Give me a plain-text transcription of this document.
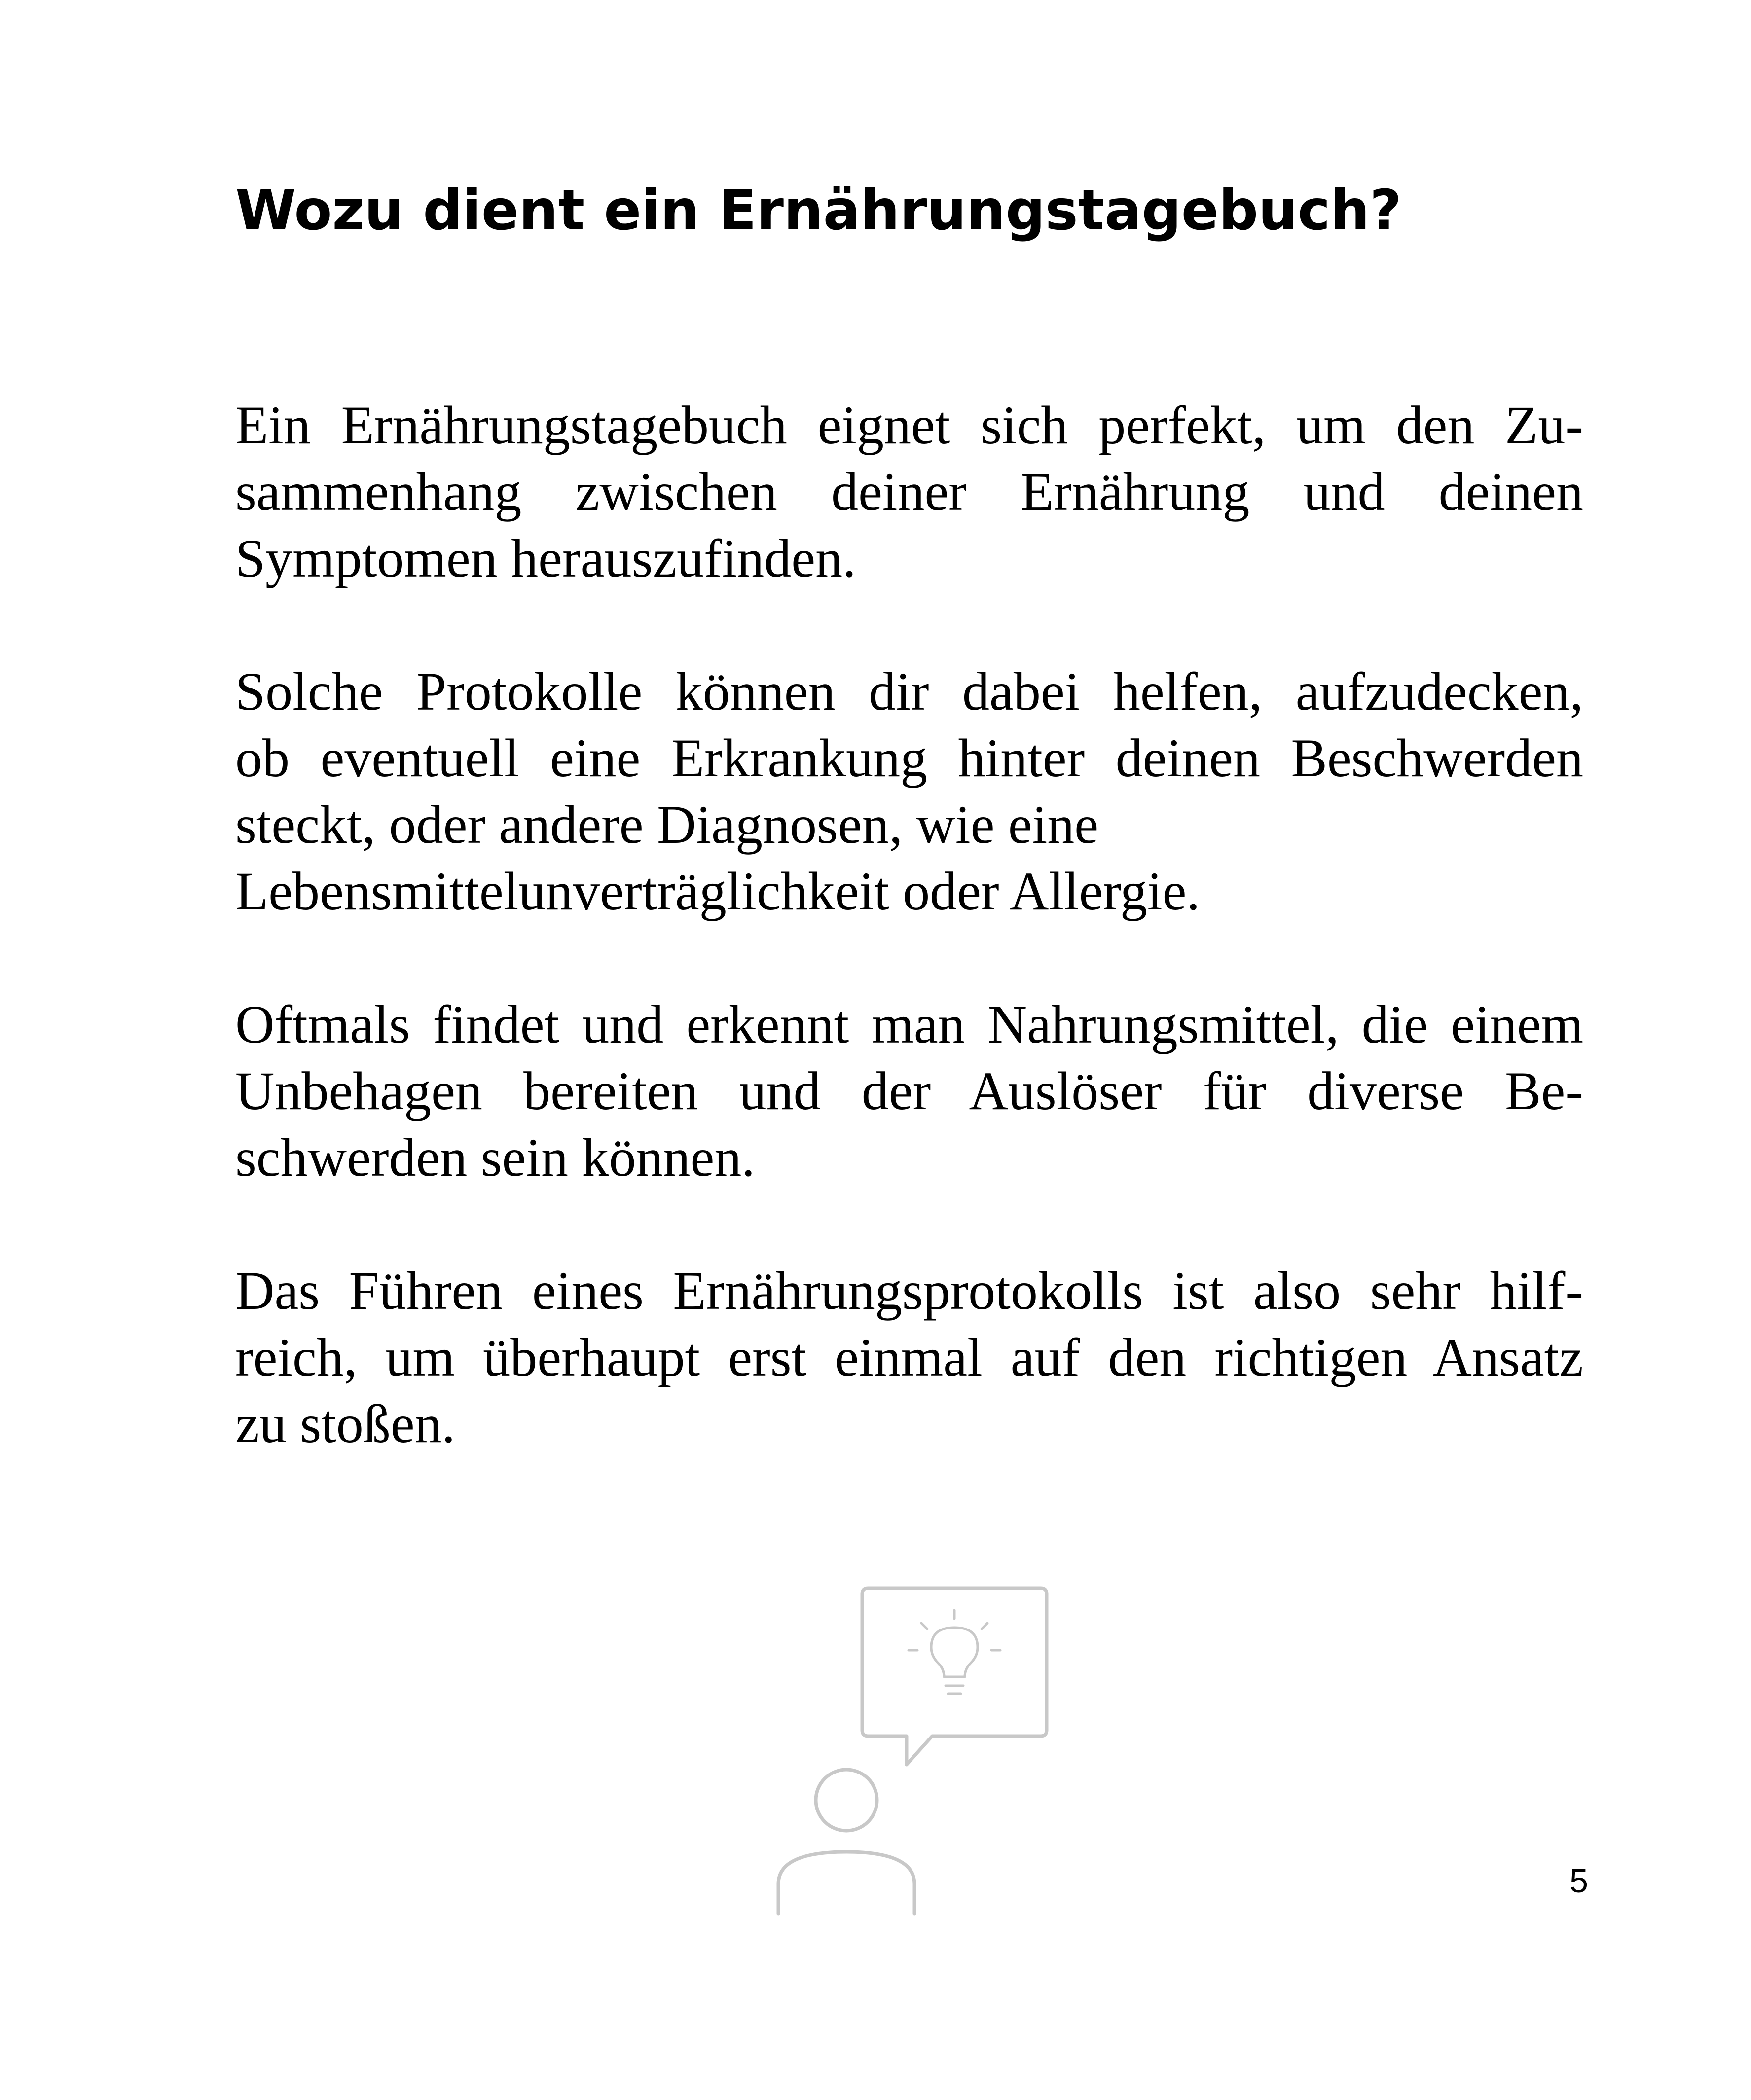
Wozu dient ein Ernährungstagebuch?

Ein Ernährungstagebuch eignet sich perfekt, um den Zu-
sammenhang zwischen deiner Ernährung und deinen
Symptomen herauszufinden.

Solche Protokolle können dir dabei helfen, aufzudecken,
ob eventuell eine Erkrankung hinter deinen Beschwerden
steckt, oder andere Diagnosen, wie eine
Lebensmittelunverträglichkeit oder Allergie.

Oftmals findet und erkennt man Nahrungsmittel, die einem
Unbehagen bereiten und der Auslöser für diverse Be-
schwerden sein können.

Das Führen eines Ernährungsprotokolls ist also sehr hilf-
reich, um überhaupt erst einmal auf den richtigen Ansatz
zu stoßen.

5
